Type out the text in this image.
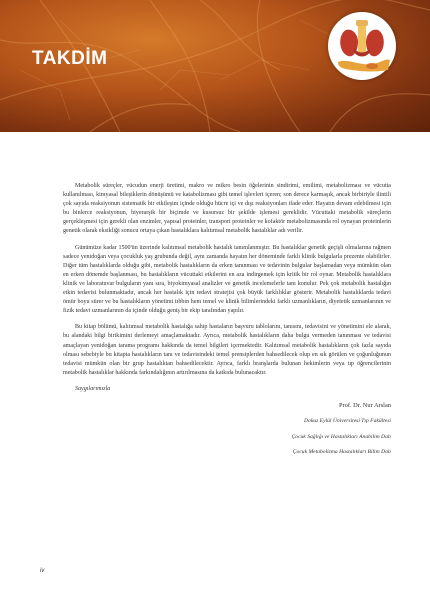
TAKDİM

Metabolik süreçler, vücudun enerji üretimi, makro ve mikro besin öğelerinin sindirimi, emilimi, metabolizması ve vücutta kullanılması, kimyasal bileşiklerin dönüşümü ve katabolizması gibi temel işlevleri içeren; son derece karmaşık, ancak birbiriyle ilintili çok sayıda reaksiyonun sistematik bir etkileşim içinde olduğu hücre içi ve dışı reaksiyonları ifade eder. Hayatın devam edebilmesi için bu binlerce reaksiyonun, hiyerarşik bir biçimde ve kusursuz bir şekilde işlemesi gereklidir. Vücuttaki metabolik süreçlerin gerçekleşmesi için gerekli olan enzimler, yapısal proteinler, transport proteinler ve kofaktör metabolizmasında rol oynayan proteinlerin genetik olarak eksikliği sonucu ortaya çıkan hastalıklara kalıtımsal metabolik hastalıklar adı verilir.

Günümüze kadar 1500'ün üzerinde kalıtımsal metabolik hastalık tanımlanmıştır. Bu hastalıklar genetik geçişli olmalarına rağmen sadece yenidoğan veya çocukluk yaş grubunda değil, aynı zamanda hayatın her döneminde farklı klinik bulgularla prezente olabilirler. Diğer tüm hastalıklarda olduğu gibi, metabolik hastalıkların da erken tanınması ve tedavinin bulgular başlamadan veya mümkün olan en erken dönemde başlanması, bu hastalıkların vücuttaki etkilerini en aza indirgemek için kritik bir rol oynar. Metabolik hastalıklara klinik ve laboratuvar bulguların yanı sıra, biyokimyasal analizler ve genetik incelemelerle tanı konulur. Pek çok metabolik hastalığın etkin tedavisi bulunmaktadır, ancak her hastalık için tedavi stratejisi çok büyük farklılıklar gösterir. Metabolik hastalıklarda tedavi ömür boyu sürer ve bu hastalıkların yönetimi tıbbın hem temel ve klinik bilimlerindeki farklı uzmanlıkların, diyetetik uzmanlarının ve fizik tedavi uzmanlarının da içinde olduğu geniş bir ekip tarafından yapılır.

Bu kitap bölümü, kalıtımsal metabolik hastalığa sahip hastaların başvuru tablolarını, tanısını, tedavisini ve yönetimini ele alarak, bu alandaki bilgi birikimini derlemeyi amaçlamaktadır. Ayrıca, metabolik hastalıkların daha bulgu vermeden tanınması ve tedavisi amaçlayan yenidoğan tarama programı hakkında da temel bilgileri içermektedir. Kalıtımsal metabolik hastalıkların çok fazla sayıda olması sebebiyle bu kitapta hastalıkların tanı ve tedavisindeki temel prensiplerden bahsedilecek olup en sık görülen ve çoğunluğunun tedavisi mümkün olan bir grup hastalıktan bahsedilecektir. Ayrıca, farklı branşlarda bulunan hekimlerin veya tıp öğrencilerinin metabolik hastalıklar hakkında farkındalığının artırılmasına da katkıda bulunacaktır.

Saygılarımızla

Prof. Dr. Nur Arslan

Dokuz Eylül Üniversitesi Tıp Fakültesi

Çocuk Sağlığı ve Hastalıkları Anabilim Dalı

Çocuk Metabolizma Hastalıkları Bilim Dalı

iv
